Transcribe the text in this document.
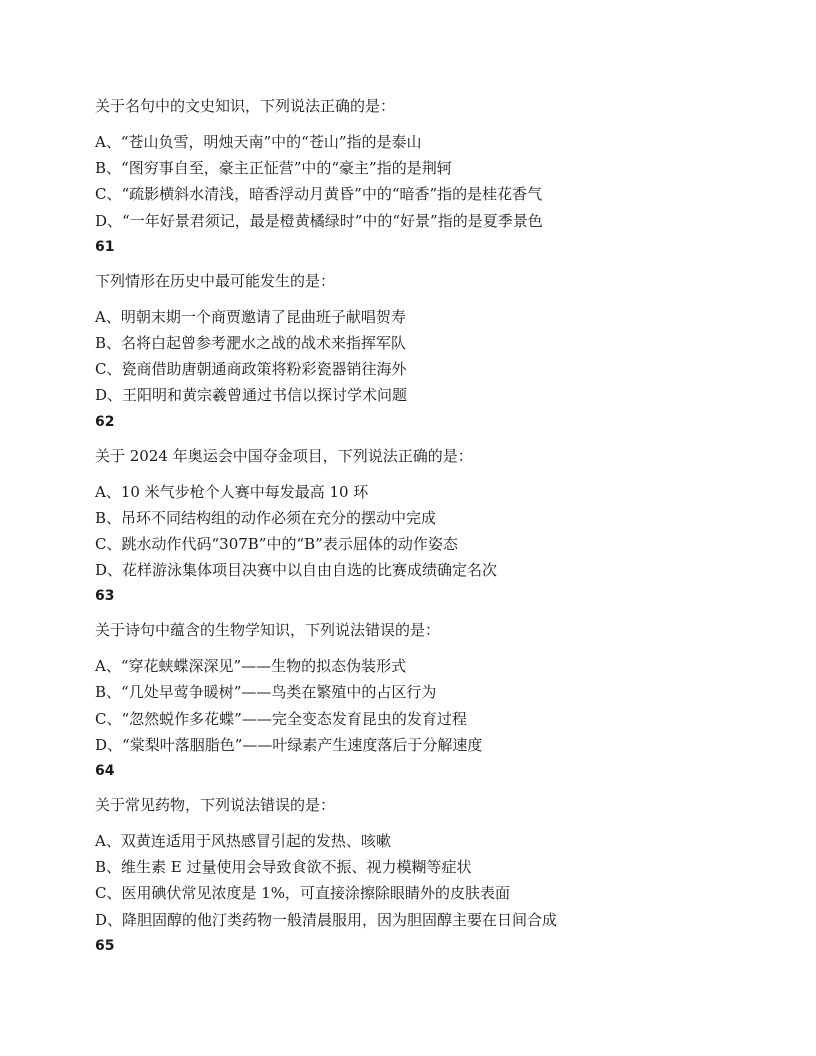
关于名句中的文史知识，下列说法正确的是：
A、“苍山负雪，明烛天南”中的“苍山”指的是泰山
B、“图穷事自至，豪主正怔营”中的“豪主”指的是荆轲
C、“疏影横斜水清浅，暗香浮动月黄昏”中的“暗香”指的是桂花香气
D、“一年好景君须记，最是橙黄橘绿时”中的“好景”指的是夏季景色
61
下列情形在历史中最可能发生的是：
A、明朝末期一个商贾邀请了昆曲班子献唱贺寿
B、名将白起曾参考淝水之战的战术来指挥军队
C、瓷商借助唐朝通商政策将粉彩瓷器销往海外
D、王阳明和黄宗羲曾通过书信以探讨学术问题
62
关于 2024 年奥运会中国夺金项目，下列说法正确的是：
A、10 米气步枪个人赛中每发最高 10 环
B、吊环不同结构组的动作必须在充分的摆动中完成
C、跳水动作代码“307B”中的“B”表示屈体的动作姿态
D、花样游泳集体项目决赛中以自由自选的比赛成绩确定名次
63
关于诗句中蕴含的生物学知识，下列说法错误的是：
A、“穿花蛱蝶深深见”——生物的拟态伪装形式
B、“几处早莺争暖树”——鸟类在繁殖中的占区行为
C、“忽然蜕作多花蝶”——完全变态发育昆虫的发育过程
D、“棠梨叶落胭脂色”——叶绿素产生速度落后于分解速度
64
关于常见药物，下列说法错误的是：
A、双黄连适用于风热感冒引起的发热、咳嗽
B、维生素 E 过量使用会导致食欲不振、视力模糊等症状
C、医用碘伏常见浓度是 1%，可直接涂擦除眼睛外的皮肤表面
D、降胆固醇的他汀类药物一般清晨服用，因为胆固醇主要在日间合成
65
